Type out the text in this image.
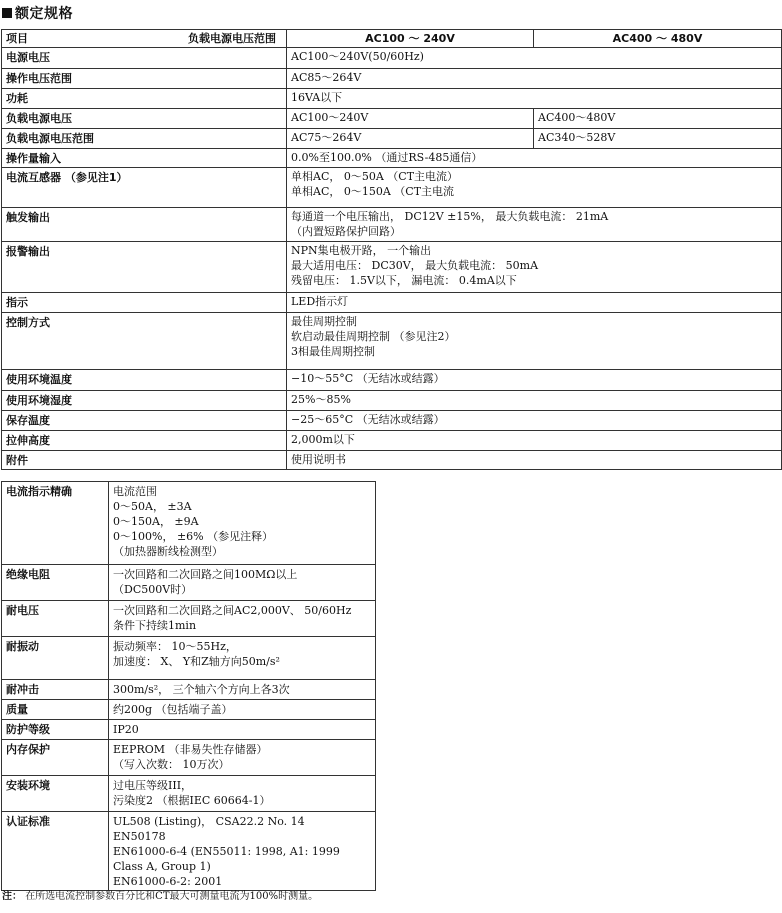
额定规格
项目 负载电源电压范围	AC100 ～ 240V	AC400 ～ 480V
电源电压	AC100～240V(50/60Hz)	
操作电压范围	AC85～264V	
功耗	16VA以下	
负载电源电压	AC100～240V	AC400～480V
负载电源电压范围	AC75～264V	AC340～528V
操作量输入	0.0%至100.0% （通过RS-485通信）	
电流互感器 （参见注1）	单相AC， 0～50A （CT主电流）
单相AC， 0～150A （CT主电流	

触发输出	每通道一个电压输出， DC12V ±15%， 最大负载电流： 21mA
（内置短路保护回路）	

报警输出	NPN集电极开路， 一个输出
最大适用电压： DC30V， 最大负载电流： 50mA
残留电压： 1.5V以下， 漏电流： 0.4mA以下	

指示	LED指示灯	
控制方式	最佳周期控制
软启动最佳周期控制 （参见注2）
3相最佳周期控制	

使用环境温度	−10～55°C （无结冰或结露）	
使用环境湿度	25%～85%	
保存温度	−25～65°C （无结冰或结露）	
拉伸高度	2,000m以下	
附件	使用说明书	
电流指示精确	电流范围
0～50A， ±3A
0～150A， ±9A
0～100%， ±6% （参见注释）
（加热器断线检测型）

绝缘电阻	一次回路和二次回路之间100MΩ以上
（DC500V时）

耐电压	一次回路和二次回路之间AC2,000V、 50/60Hz
条件下持续1min

耐振动	振动频率： 10～55Hz，
加速度： X、 Y和Z轴方向50m/s²

耐冲击	300m/s²， 三个轴六个方向上各3次
质量	约200g （包括端子盖）
防护等级	IP20
内存保护	EEPROM （非易失性存储器）
（写入次数： 10万次）

安装环境	过电压等级III，
污染度2 （根据IEC 60664-1）

认证标准	UL508 (Listing)， CSA22.2 No. 14
EN50178
EN61000-6-4 (EN55011: 1998, A1: 1999 Class A, Group 1)
EN61000-6-2: 2001
注： 在所选电流控制参数百分比和CT最大可测量电流为100%时测量。
